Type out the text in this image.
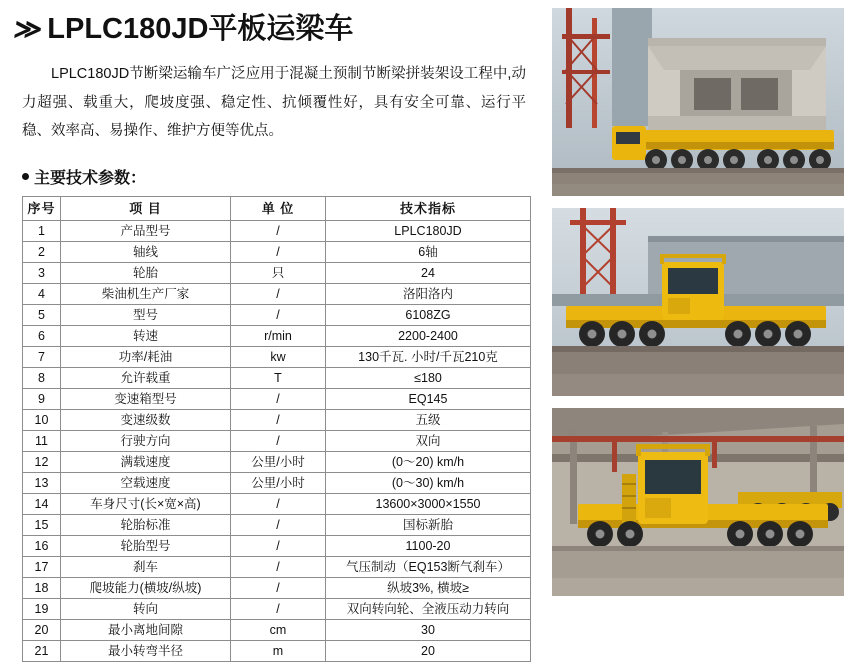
≫ LPLC180JD平板运梁车

LPLC180JD节断梁运输车广泛应用于混凝土预制节断梁拼装架设工程中,动力超强、载重大，爬坡度强、稳定性、抗倾覆性好，具有安全可靠、运行平稳、效率高、易操作、维护方便等优点。

主要技术参数：
序号	项 目	单 位	技术指标
1	产品型号	/	LPLC180JD
2	轴线	/	6轴
3	轮胎	只	24
4	柴油机生产厂家	/	洛阳洛内
5	型号	/	6108ZG
6	转速	r/min	2200-2400
7	功率/耗油	kw	130千瓦. 小时/千瓦210克
8	允许载重	T	≤180
9	变速箱型号	/	EQ145
10	变速级数	/	五级
11	行驶方向	/	双向
12	满载速度	公里/小时	(0～20) km/h
13	空载速度	公里/小时	(0～30) km/h
14	车身尺寸(长×宽×高)	/	13600×3000×1550
15	轮胎标准	/	国标新胎
16	轮胎型号	/	1100-20
17	刹车	/	气压制动（EQ153断气刹车）
18	爬坡能力(横坡/纵坡)	/	纵坡3%, 横坡≥
19	转向	/	双向转向轮、全液压动力转向
20	最小离地间隙	cm	30
21	最小转弯半径	m	20
